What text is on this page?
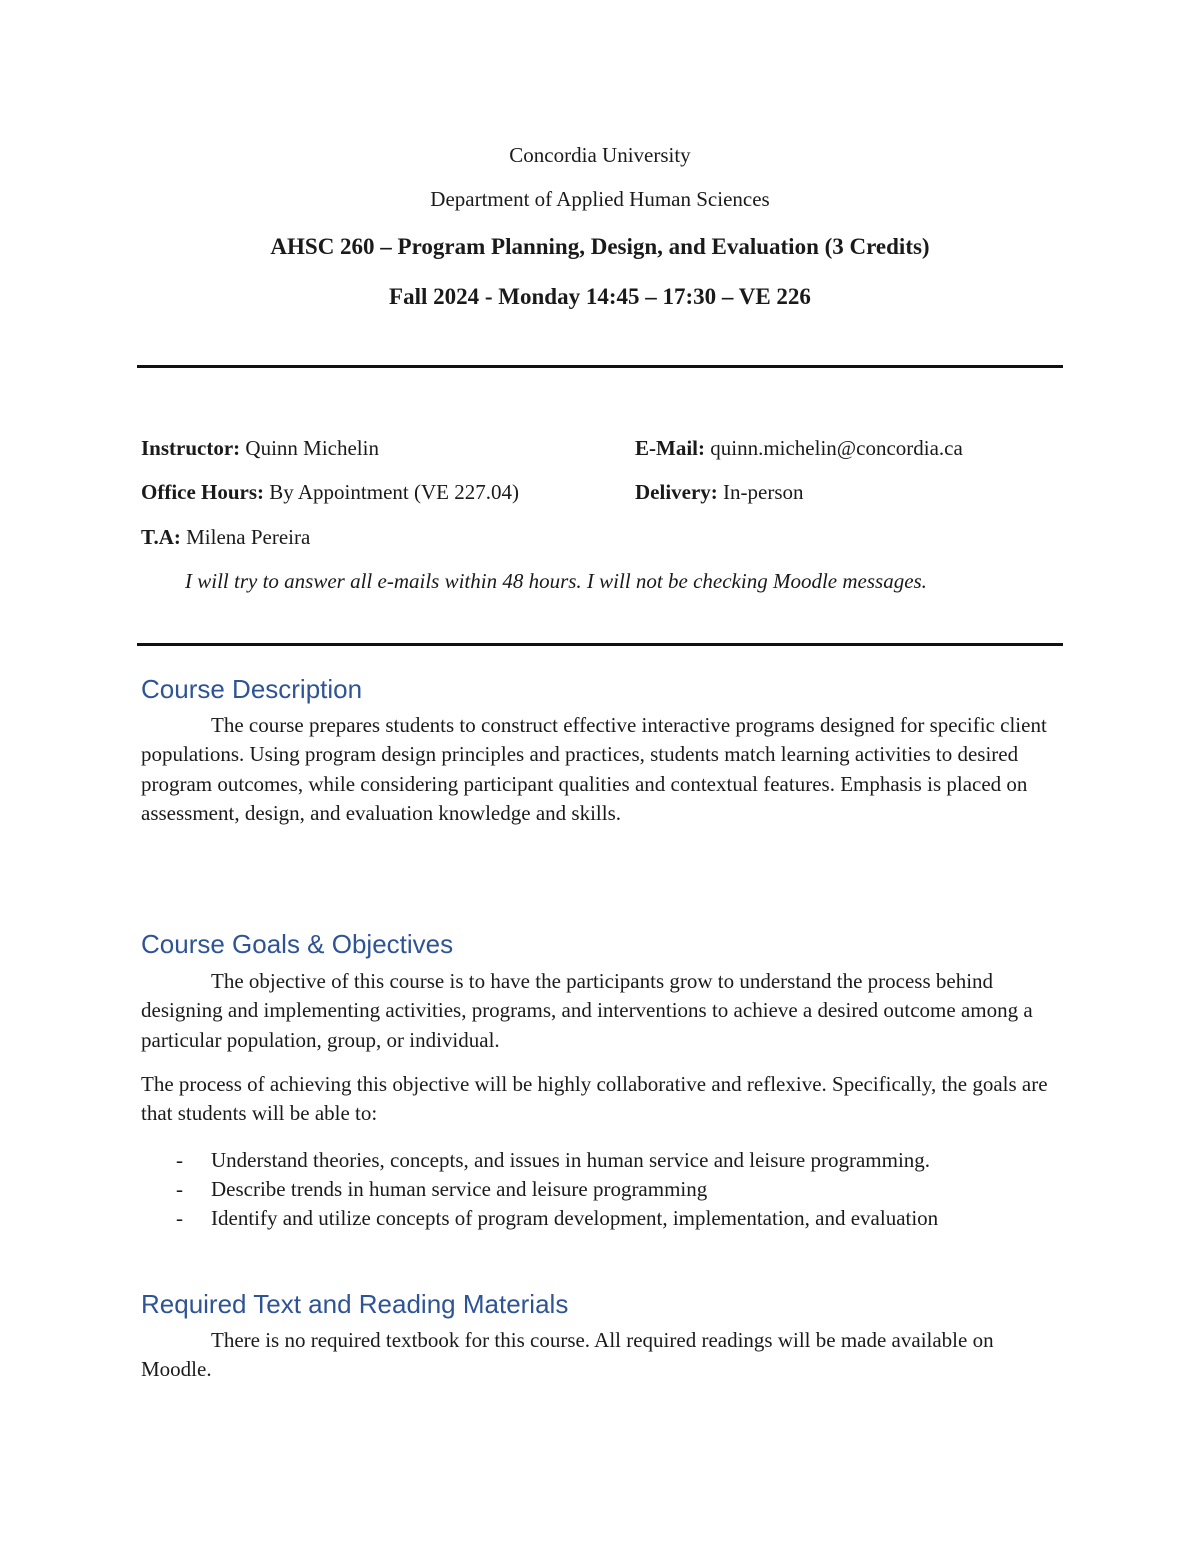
Concordia University
Department of Applied Human Sciences
AHSC 260 – Program Planning, Design, and Evaluation (3 Credits)
Fall 2024 - Monday 14:45 – 17:30 – VE 226
Instructor: Quinn Michelin	E-Mail: quinn.michelin@concordia.ca
Office Hours: By Appointment (VE 227.04)	Delivery: In-person
T.A: Milena Pereira
I will try to answer all e-mails within 48 hours. I will not be checking Moodle messages.
Course Description
The course prepares students to construct effective interactive programs designed for specific client populations. Using program design principles and practices, students match learning activities to desired program outcomes, while considering participant qualities and contextual features. Emphasis is placed on assessment, design, and evaluation knowledge and skills.
Course Goals & Objectives
The objective of this course is to have the participants grow to understand the process behind designing and implementing activities, programs, and interventions to achieve a desired outcome among a particular population, group, or individual.
The process of achieving this objective will be highly collaborative and reflexive. Specifically, the goals are that students will be able to:
- Understand theories, concepts, and issues in human service and leisure programming.
- Describe trends in human service and leisure programming
- Identify and utilize concepts of program development, implementation, and evaluation
Required Text and Reading Materials
There is no required textbook for this course. All required readings will be made available on Moodle.
